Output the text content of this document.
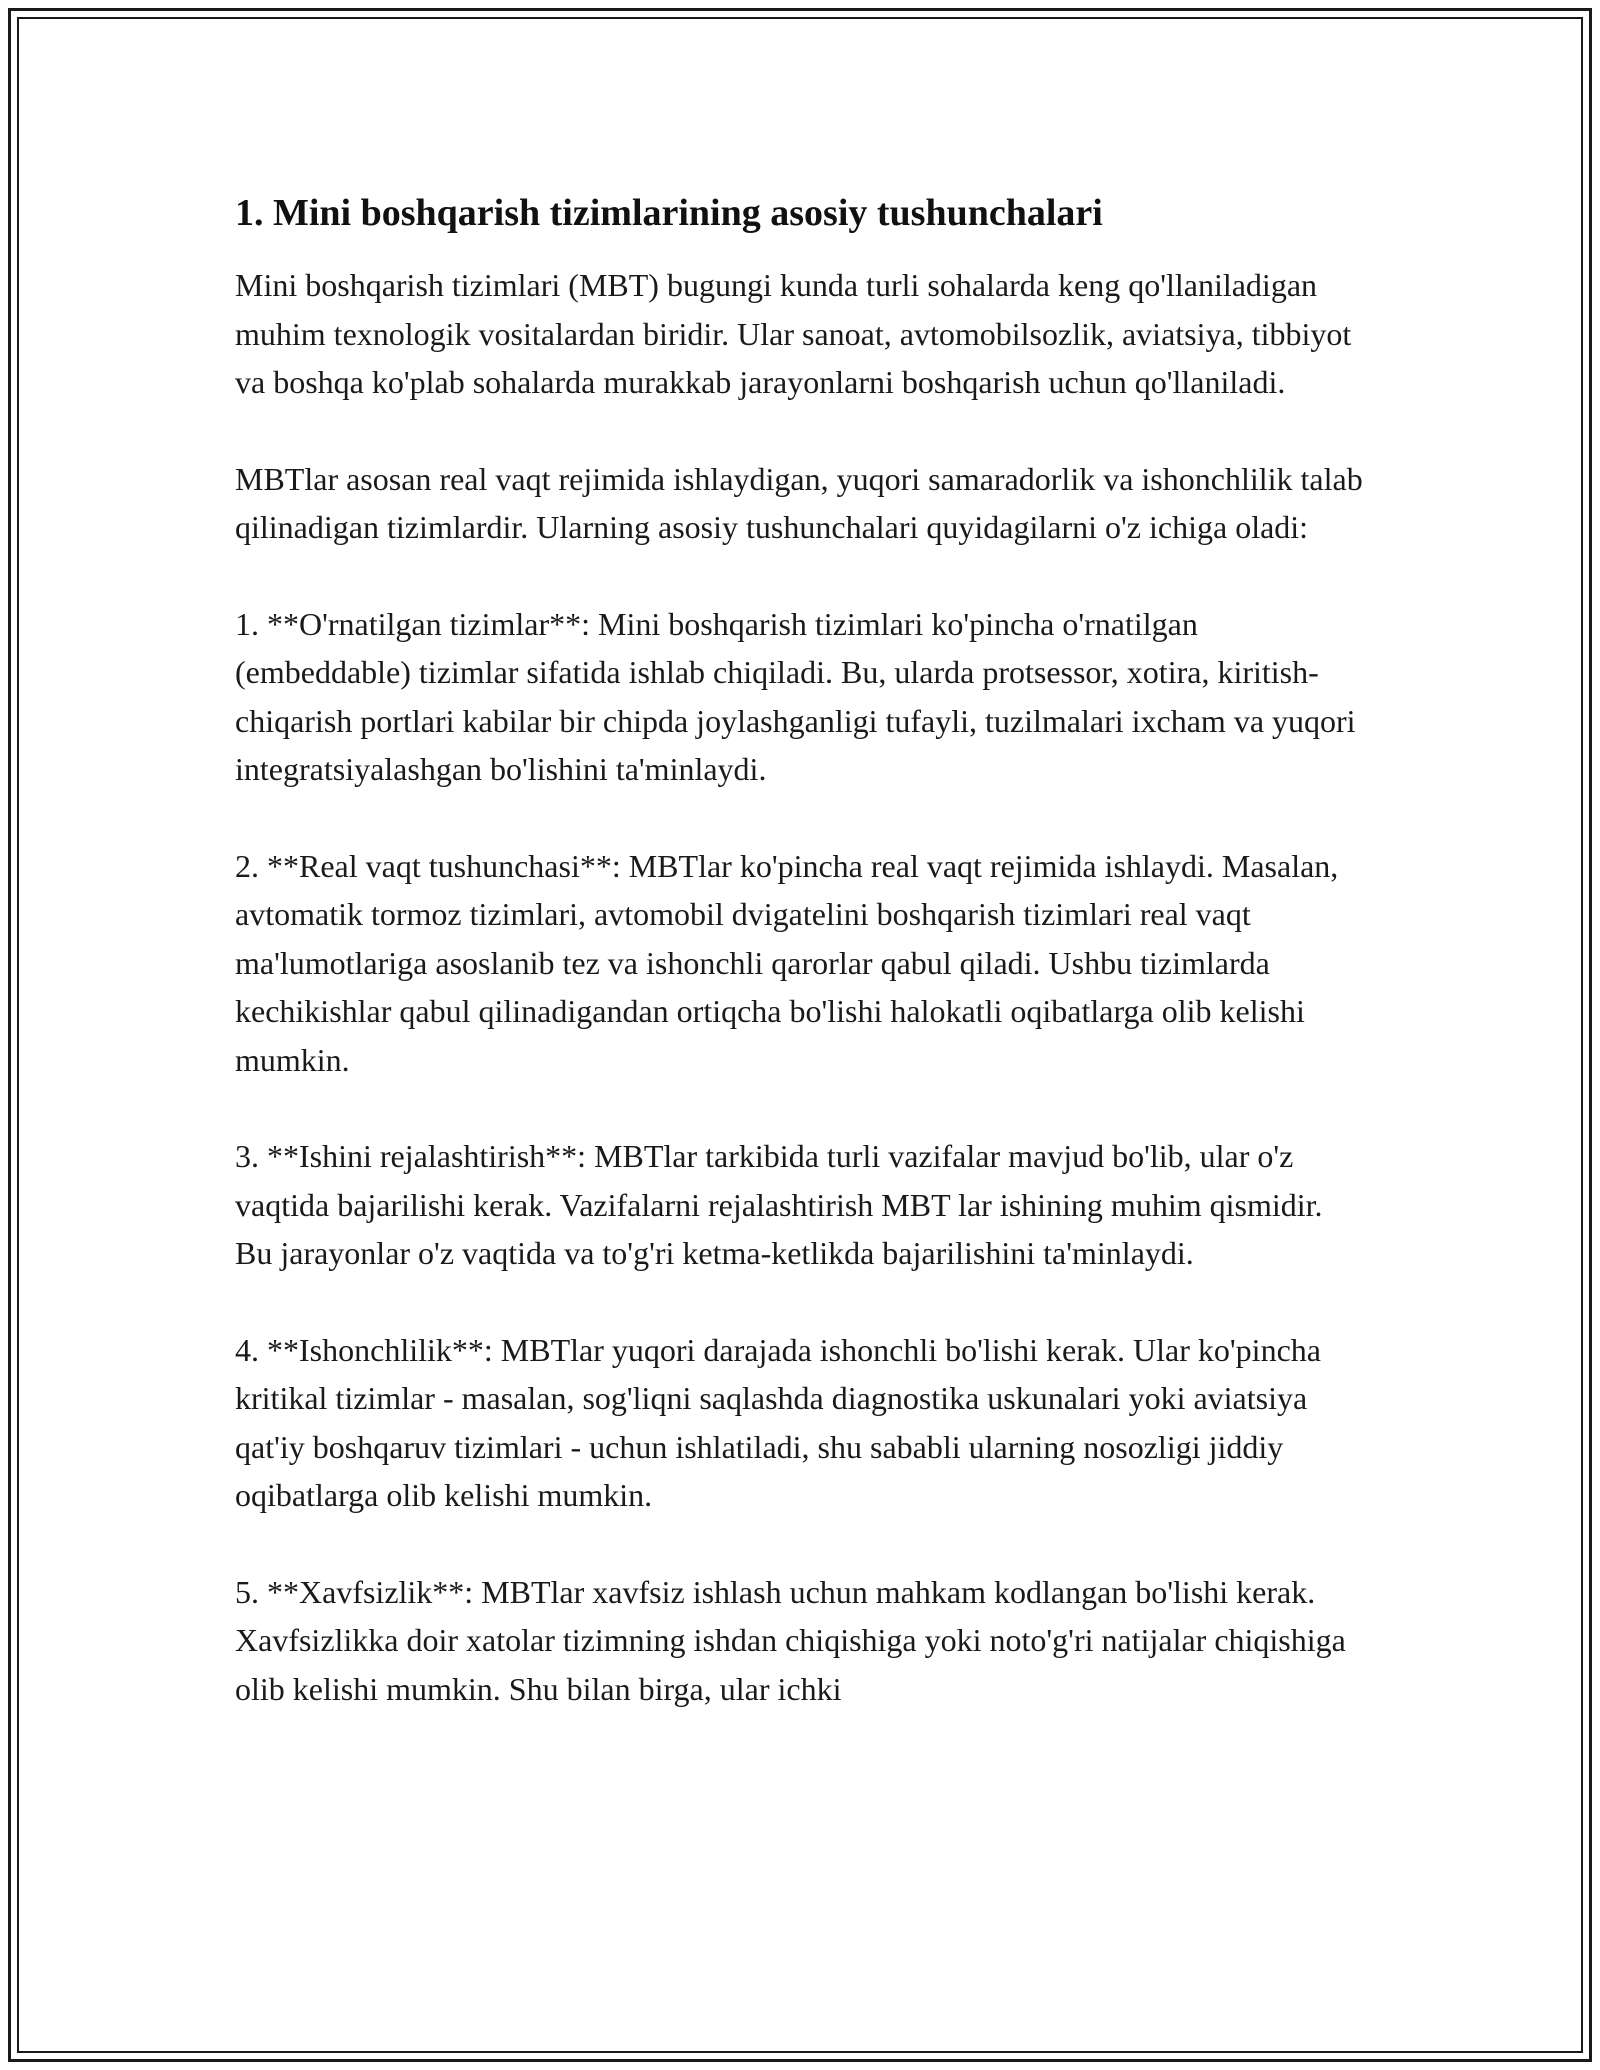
1. Mini boshqarish tizimlarining asosiy tushunchalari

Mini boshqarish tizimlari (MBT) bugungi kunda turli sohalarda keng qo'llaniladigan muhim texnologik vositalardan biridir. Ular sanoat, avtomobilsozlik, aviatsiya, tibbiyot va boshqa ko'plab sohalarda murakkab jarayonlarni boshqarish uchun qo'llaniladi.

MBTlar asosan real vaqt rejimida ishlaydigan, yuqori samaradorlik va ishonchlilik talab qilinadigan tizimlardir. Ularning asosiy tushunchalari quyidagilarni o'z ichiga oladi:

1. **O'rnatilgan tizimlar**: Mini boshqarish tizimlari ko'pincha o'rnatilgan (embeddable) tizimlar sifatida ishlab chiqiladi. Bu, ularda protsessor, xotira, kiritish-chiqarish portlari kabilar bir chipda joylashganligi tufayli, tuzilmalari ixcham va yuqori integratsiyalashgan bo'lishini ta'minlaydi.

2. **Real vaqt tushunchasi**: MBTlar ko'pincha real vaqt rejimida ishlaydi. Masalan, avtomatik tormoz tizimlari, avtomobil dvigatelini boshqarish tizimlari real vaqt ma'lumotlariga asoslanib tez va ishonchli qarorlar qabul qiladi. Ushbu tizimlarda kechikishlar qabul qilinadigandan ortiqcha bo'lishi halokatli oqibatlarga olib kelishi mumkin.

3. **Ishini rejalashtirish**: MBTlar tarkibida turli vazifalar mavjud bo'lib, ular o'z vaqtida bajarilishi kerak. Vazifalarni rejalashtirish MBT lar ishining muhim qismidir. Bu jarayonlar o'z vaqtida va to'g'ri ketma-ketlikda bajarilishini ta'minlaydi.

4. **Ishonchlilik**: MBTlar yuqori darajada ishonchli bo'lishi kerak. Ular ko'pincha kritikal tizimlar - masalan, sog'liqni saqlashda diagnostika uskunalari yoki aviatsiya qat'iy boshqaruv tizimlari - uchun ishlatiladi, shu sababli ularning nosozligi jiddiy oqibatlarga olib kelishi mumkin.

5. **Xavfsizlik**: MBTlar xavfsiz ishlash uchun mahkam kodlangan bo'lishi kerak. Xavfsizlikka doir xatolar tizimning ishdan chiqishiga yoki noto'g'ri natijalar chiqishiga olib kelishi mumkin. Shu bilan birga, ular ichki
